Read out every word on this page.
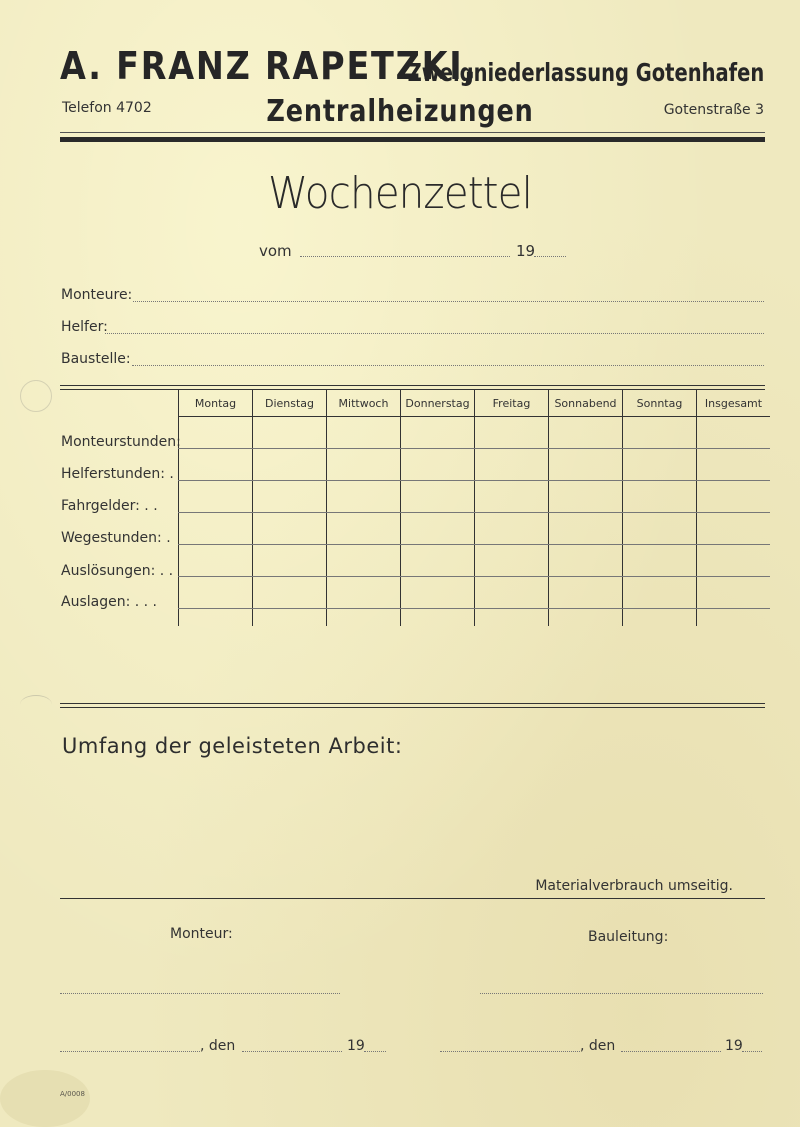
A. FRANZ RAPETZKI,
Zweigniederlassung Gotenhafen
Telefon 4702	Zentralheizungen	Gotenstraße 3
Wochenzettel
vom	19
Monteure:
Helfer:
Baustelle:
Montag	Dienstag	Mittwoch	Donnerstag	Freitag	Sonnabend	Sonntag	Insgesamt

Monteurstunden:
Helferstunden: .
Fahrgelder: . .
Wegestunden: .
Auslösungen: . .
Auslagen: . . .
Umfang der geleisteten Arbeit:
Materialverbrauch umseitig.
Monteur:	Bauleitung:
, den	19	, den	19
A/0008
